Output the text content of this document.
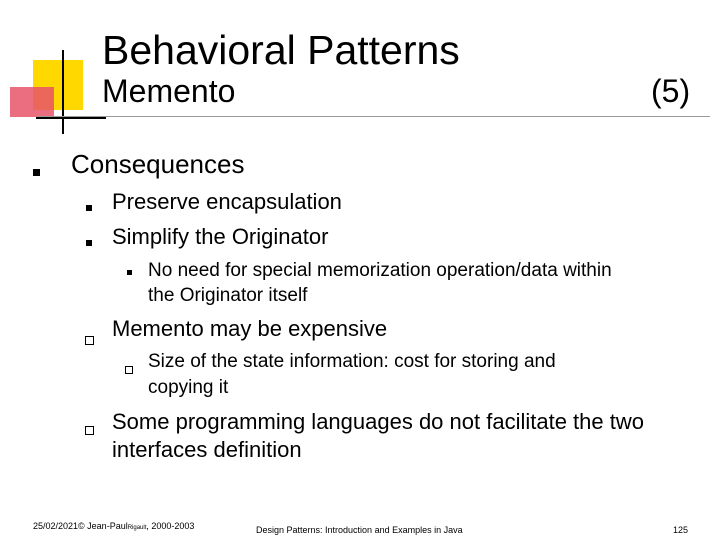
Behavioral Patterns
Memento	(5)
Consequences
Preserve encapsulation
Simplify the Originator
No need for special memorization operation/data within
the Originator itself
Memento may be expensive
Size of the state information: cost for storing and
copying it
Some programming languages do not facilitate the two
interfaces definition
25/02/2021© Jean-PaulRigault, 2000-2003	Design Patterns: Introduction and Examples in Java	125
